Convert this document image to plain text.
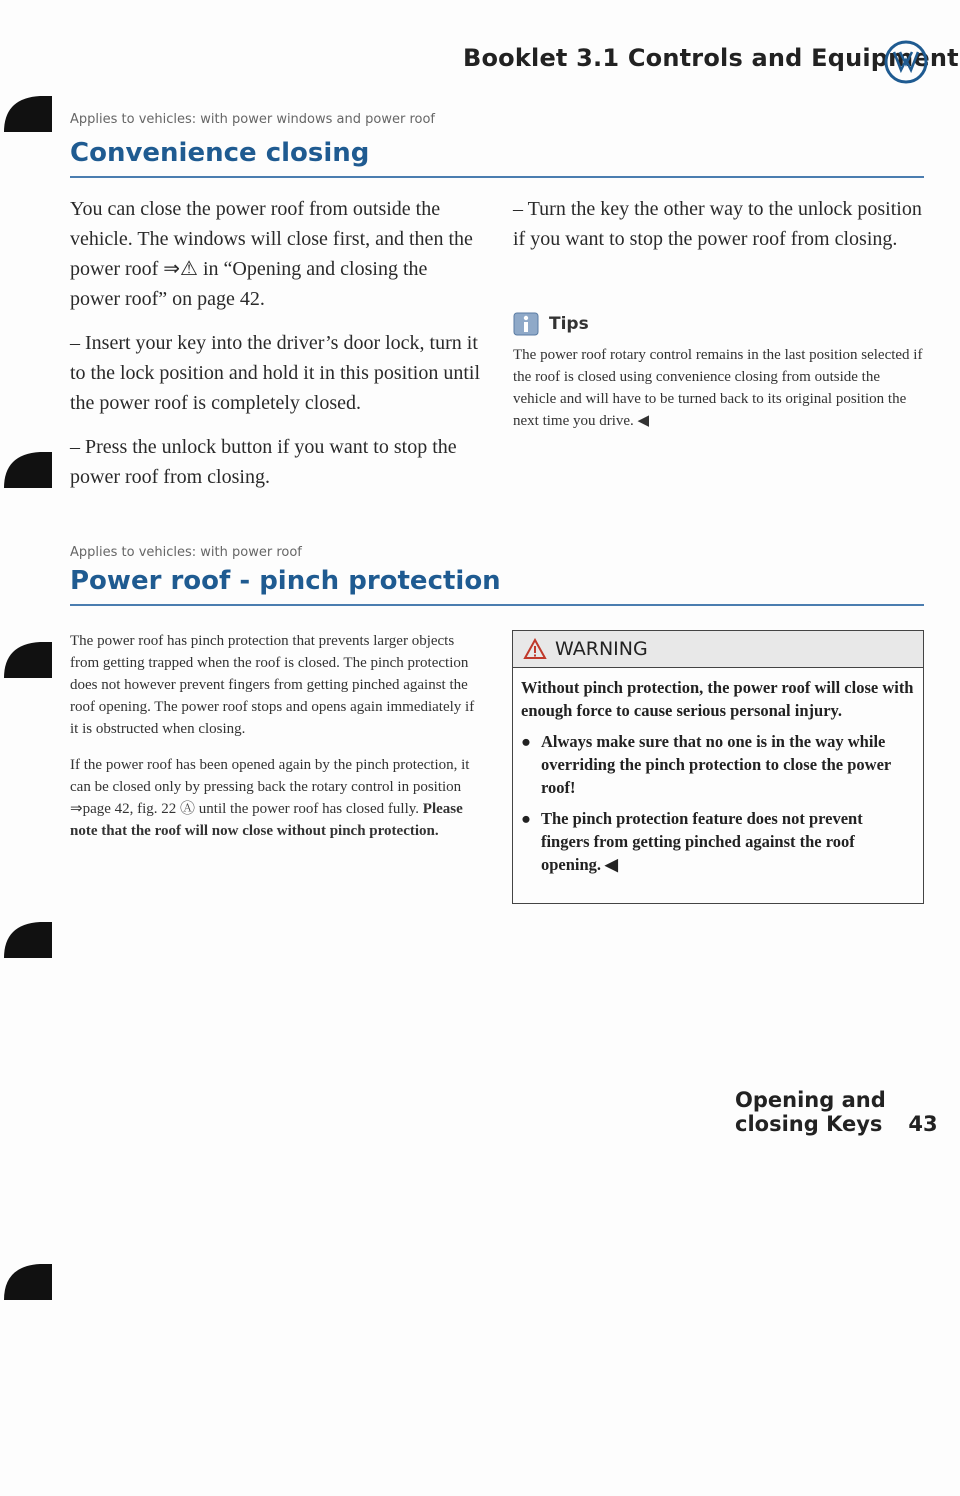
Booklet 3.1 Controls and Equipment
Applies to vehicles: with power windows and power roof
Convenience closing

You can close the power roof from outside the vehicle. The windows will close first, and then the power roof ⇒⚠ in “Opening and closing the power roof” on page 42.

– Insert your key into the driver’s door lock, turn it to the lock position and hold it in this position until the power roof is completely closed.

– Press the unlock button if you want to stop the power roof from closing.

– Turn the key the other way to the unlock position if you want to stop the power roof from closing.

Tips

The power roof rotary control remains in the last position selected if the roof is closed using convenience closing from outside the vehicle and will have to be turned back to its original position the next time you drive. ◀

Applies to vehicles: with power roof
Power roof - pinch protection

The power roof has pinch protection that prevents larger objects from getting trapped when the roof is closed. The pinch protection does not however prevent fingers from getting pinched against the roof opening. The power roof stops and opens again immediately if it is obstructed when closing.

If the power roof has been opened again by the pinch protection, it can be closed only by pressing back the rotary control in position ⇒page 42, fig. 22 Ⓐ until the power roof has closed fully. Please note that the roof will now close without pinch protection.

WARNING

Without pinch protection, the power roof will close with enough force to cause serious personal injury.

● Always make sure that no one is in the way while overriding the pinch protection to close the power roof!
● The pinch protection feature does not prevent fingers from getting pinched against the roof opening. ◀
Opening and closing Keys 43
